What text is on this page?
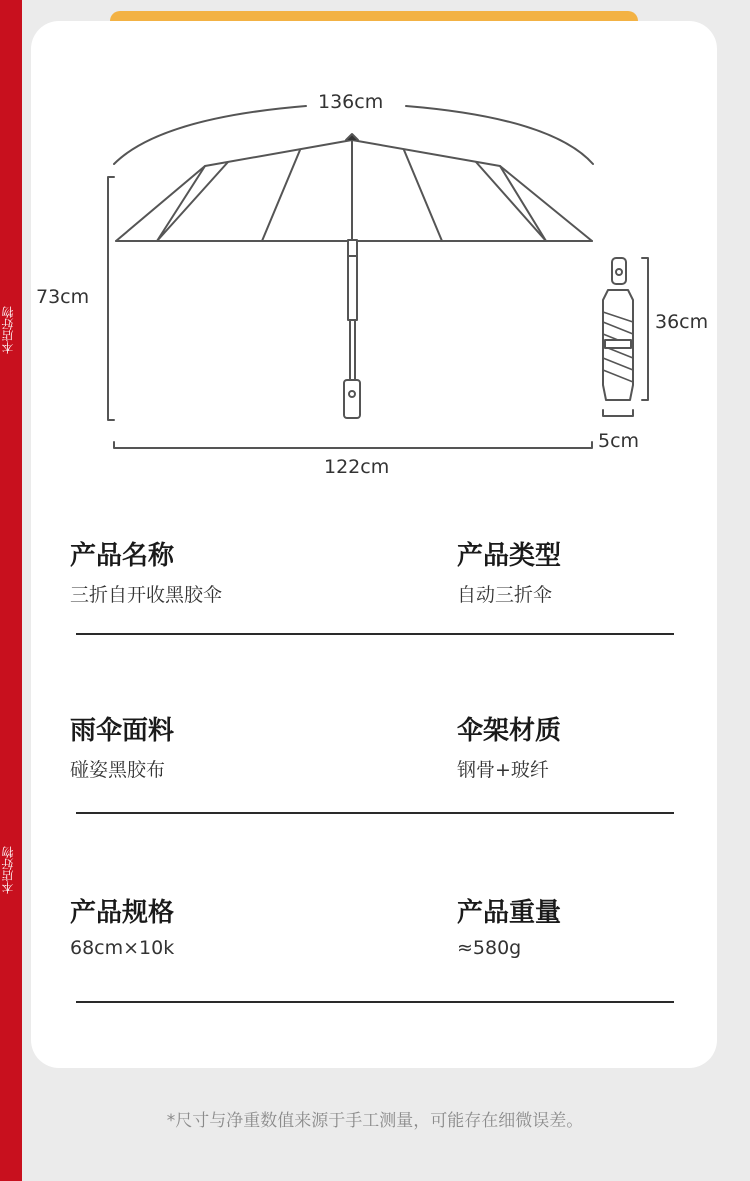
本店好物
本店好物
136cm
73cm
122cm
36cm
5cm
产品名称
三折自开收黑胶伞
产品类型
自动三折伞
雨伞面料
碰姿黑胶布
伞架材质
钢骨+玻纤
产品规格
68cm×10k
产品重量
≈580g
*尺寸与净重数值来源于手工测量，可能存在细微误差。
